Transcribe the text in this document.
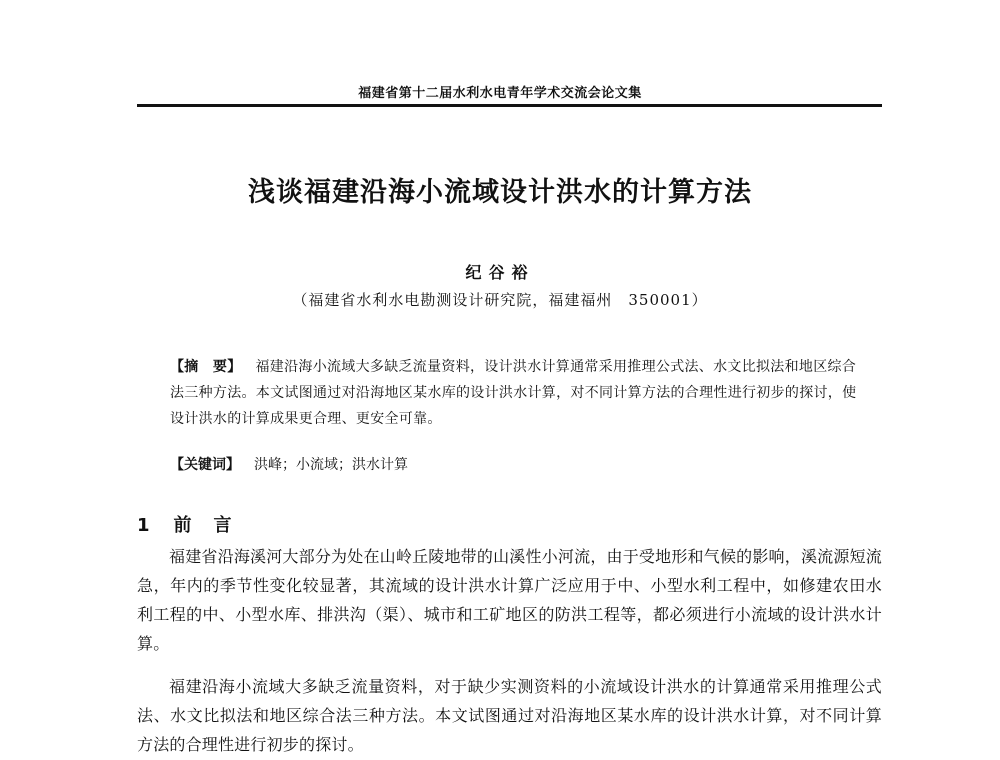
福建省第十二届水利水电青年学术交流会论文集
浅谈福建沿海小流域设计洪水的计算方法
纪谷裕
（福建省水利水电勘测设计研究院，福建福州　350001）
【摘　要】 福建沿海小流域大多缺乏流量资料，设计洪水计算通常采用推理公式法、水文比拟法和地区综合法三种方法。本文试图通过对沿海地区某水库的设计洪水计算，对不同计算方法的合理性进行初步的探讨，使设计洪水的计算成果更合理、更安全可靠。
【关键词】 洪峰；小流域；洪水计算
1 前　言
福建省沿海溪河大部分为处在山岭丘陵地带的山溪性小河流，由于受地形和气候的影响，溪流源短流急，年内的季节性变化较显著，其流域的设计洪水计算广泛应用于中、小型水利工程中，如修建农田水利工程的中、小型水库、排洪沟（渠）、城市和工矿地区的防洪工程等，都必须进行小流域的设计洪水计算。
福建沿海小流域大多缺乏流量资料，对于缺少实测资料的小流域设计洪水的计算通常采用推理公式法、水文比拟法和地区综合法三种方法。本文试图通过对沿海地区某水库的设计洪水计算，对不同计算方法的合理性进行初步的探讨。
